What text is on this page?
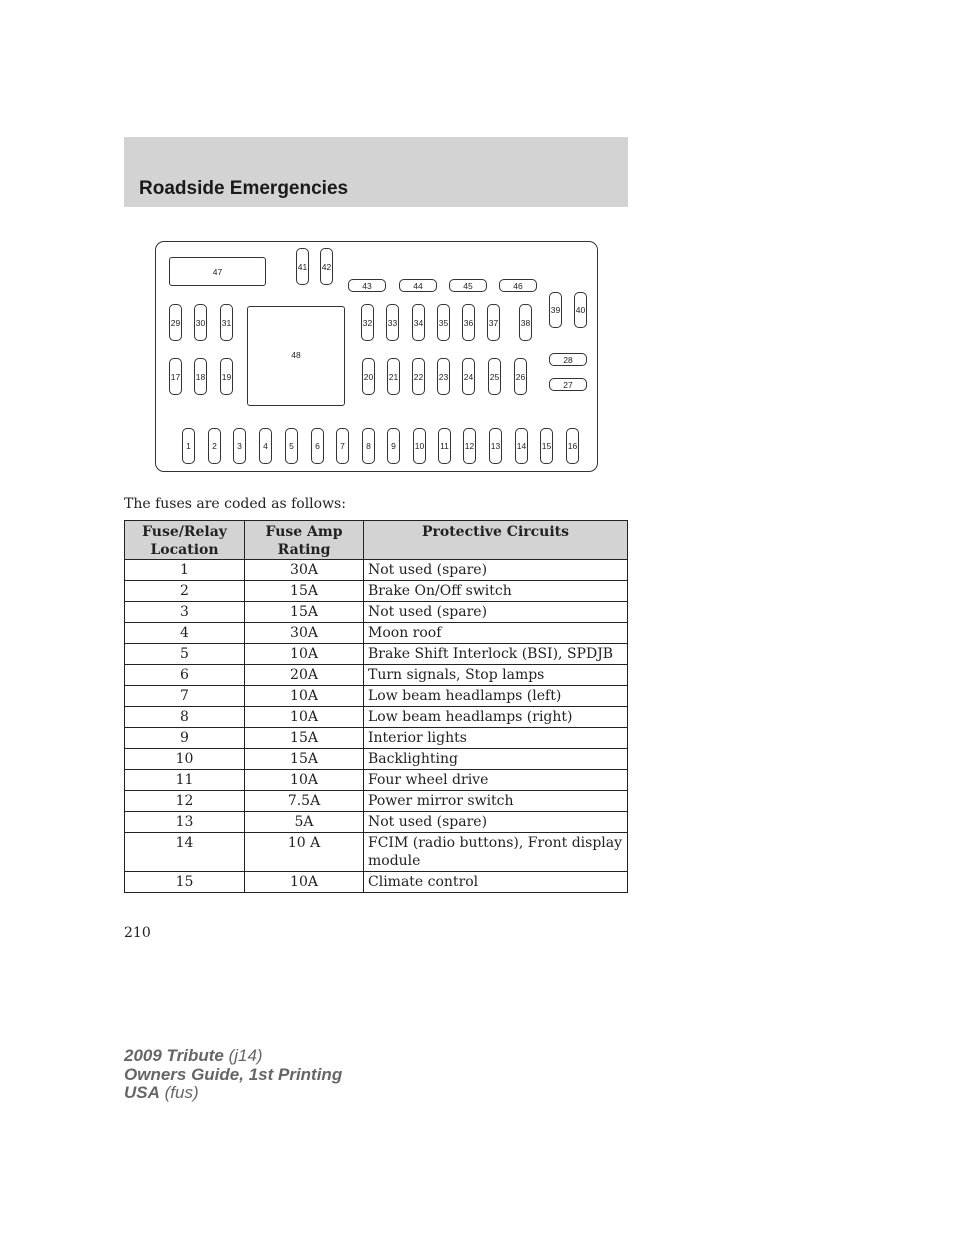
Roadside Emergencies
1	2	3	4	5	6	7	8	9	10 11 12 13 14 15 16
17 18 19	20 21 22 23 24 25 26
29 30 31	32 33 34 35 36 37	38
39 40
41 42
43	44	45	46
28
27
47
48
The fuses are coded as follows:
Fuse/Relay Location	Fuse Amp Rating	Protective Circuits
1	30A	Not used (spare)
2	15A	Brake On/Off switch
3	15A	Not used (spare)
4	30A	Moon roof
5	10A	Brake Shift Interlock (BSI), SPDJB
6	20A	Turn signals, Stop lamps
7	10A	Low beam headlamps (left)
8	10A	Low beam headlamps (right)
9	15A	Interior lights
10	15A	Backlighting
11	10A	Four wheel drive
12	7.5A	Power mirror switch
13	5A	Not used (spare)
14	10 A	FCIM (radio buttons), Front display module
15	10A	Climate control
210
2009 Tribute (j14)
Owners Guide, 1st Printing
USA (fus)
